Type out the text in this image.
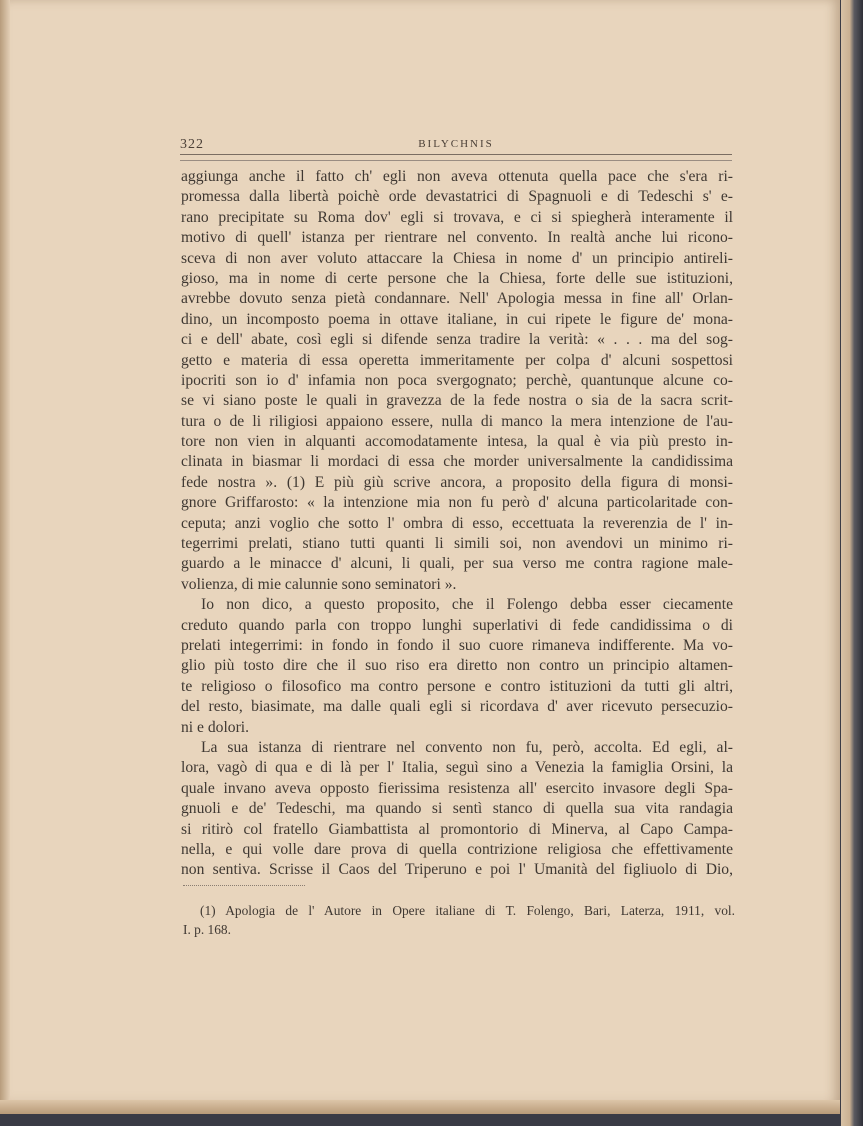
322	BILYCHNIS
aggiunga anche il fatto ch' egli non aveva ottenuta quella pace che s'era ri-
promessa dalla libertà poichè orde devastatrici di Spagnuoli e di Tedeschi s' e-
rano precipitate su Roma dov' egli si trovava, e ci si spiegherà interamente il
motivo di quell' istanza per rientrare nel convento. In realtà anche lui ricono-
sceva di non aver voluto attaccare la Chiesa in nome d' un principio antireli-
gioso, ma in nome di certe persone che la Chiesa, forte delle sue istituzioni,
avrebbe dovuto senza pietà condannare. Nell' Apologia messa in fine all' Orlan-
dino, un incomposto poema in ottave italiane, in cui ripete le figure de' mona-
ci e dell' abate, così egli si difende senza tradire la verità: « . . . ma del sog-
getto e materia di essa operetta immeritamente per colpa d' alcuni sospettosi
ipocriti son io d' infamia non poca svergognato; perchè, quantunque alcune co-
se vi siano poste le quali in gravezza de la fede nostra o sia de la sacra scrit-
tura o de li riligiosi appaiono essere, nulla di manco la mera intenzione de l'au-
tore non vien in alquanti accomodatamente intesa, la qual è via più presto in-
clinata in biasmar li mordaci di essa che morder universalmente la candidissima
fede nostra ». (1) E più giù scrive ancora, a proposito della figura di monsi-
gnore Griffarosto: « la intenzione mia non fu però d' alcuna particolaritade con-
ceputa; anzi voglio che sotto l' ombra di esso, eccettuata la reverenzia de l' in-
tegerrimi prelati, stiano tutti quanti li simili soi, non avendovi un minimo ri-
guardo a le minacce d' alcuni, li quali, per sua verso me contra ragione male-
volienza, di mie calunnie sono seminatori ».
Io non dico, a questo proposito, che il Folengo debba esser ciecamente
creduto quando parla con troppo lunghi superlativi di fede candidissima o di
prelati integerrimi: in fondo in fondo il suo cuore rimaneva indifferente. Ma vo-
glio più tosto dire che il suo riso era diretto non contro un principio altamen-
te religioso o filosofico ma contro persone e contro istituzioni da tutti gli altri,
del resto, biasimate, ma dalle quali egli si ricordava d' aver ricevuto persecuzio-
ni e dolori.
La sua istanza di rientrare nel convento non fu, però, accolta. Ed egli, al-
lora, vagò di qua e di là per l' Italia, seguì sino a Venezia la famiglia Orsini, la
quale invano aveva opposto fierissima resistenza all' esercito invasore degli Spa-
gnuoli e de' Tedeschi, ma quando si sentì stanco di quella sua vita randagia
si ritirò col fratello Giambattista al promontorio di Minerva, al Capo Campa-
nella, e qui volle dare prova di quella contrizione religiosa che effettivamente
non sentiva. Scrisse il Caos del Triperuno e poi l' Umanità del figliuolo di Dio,
(1) Apologia de l' Autore in Opere italiane di T. Folengo, Bari, Laterza, 1911, vol.
I. p. 168.
